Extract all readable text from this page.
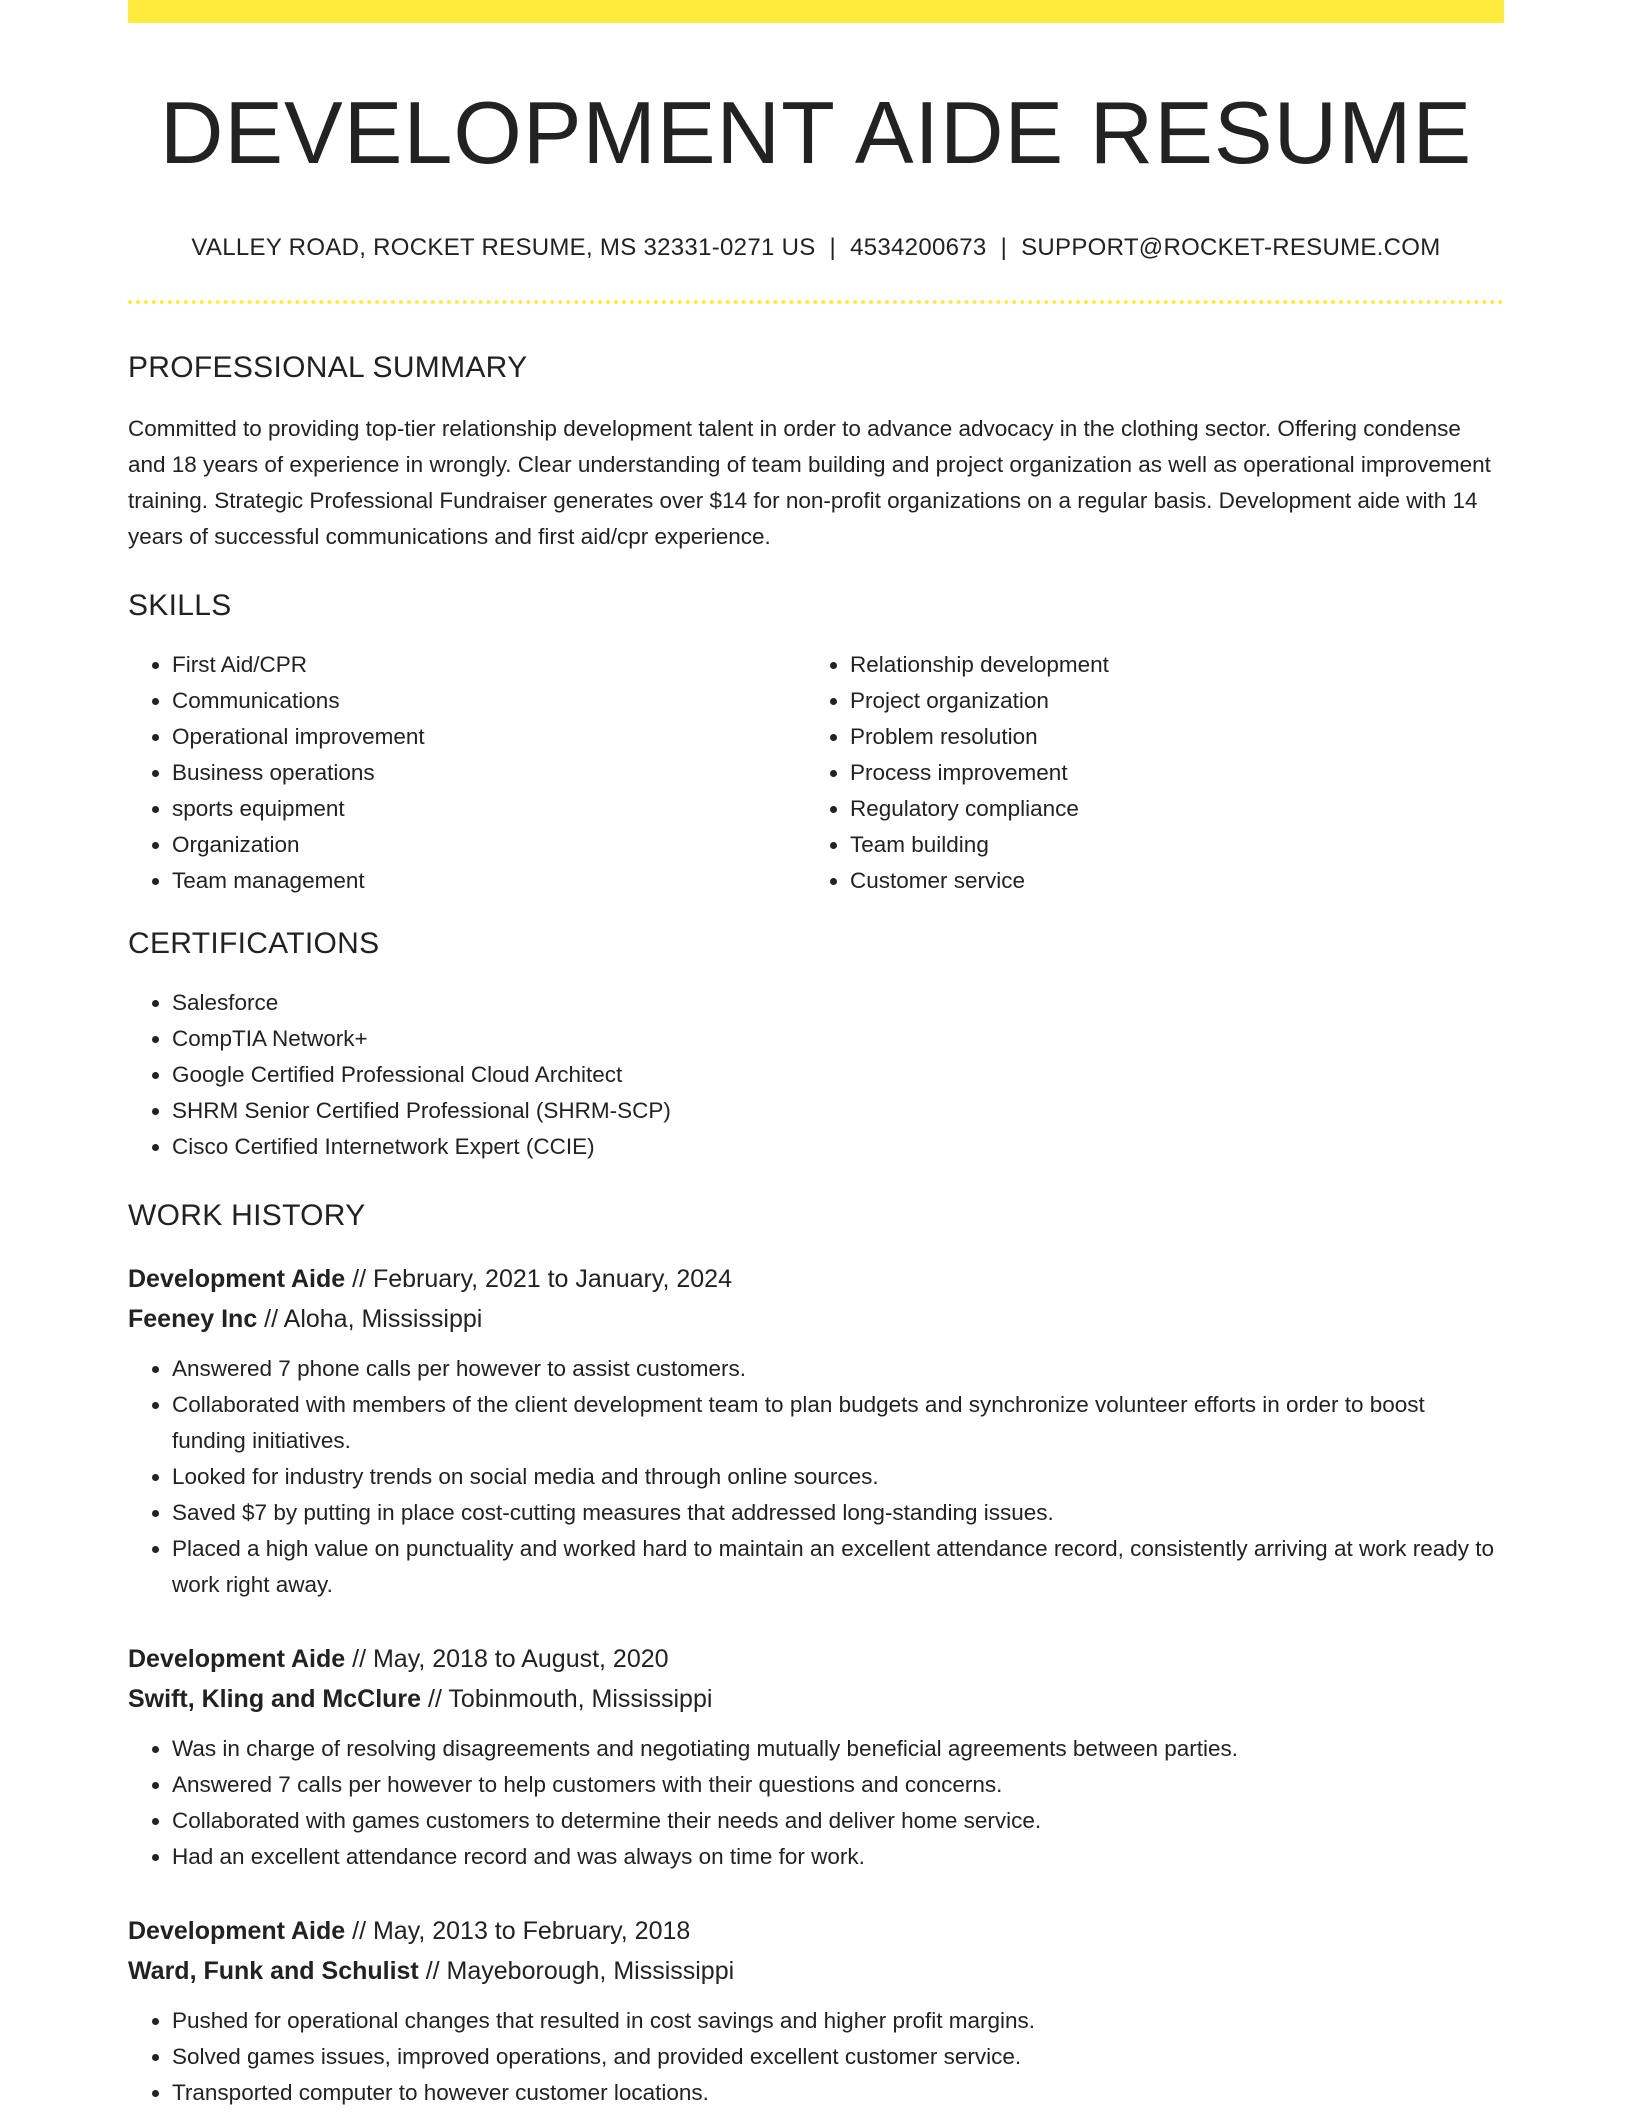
DEVELOPMENT AIDE RESUME
VALLEY ROAD, ROCKET RESUME, MS 32331-0271 US | 4534200673 | SUPPORT@ROCKET-RESUME.COM
PROFESSIONAL SUMMARY

Committed to providing top-tier relationship development talent in order to advance advocacy in the clothing sector. Offering condense and 18 years of experience in wrongly. Clear understanding of team building and project organization as well as operational improvement training. Strategic Professional Fundraiser generates over $14 for non-profit organizations on a regular basis. Development aide with 14 years of successful communications and first aid/cpr experience.

SKILLS
• First Aid/CPR
• Communications
• Operational improvement
• Business operations
• sports equipment
• Organization
• Team management
• Relationship development
• Project organization
• Problem resolution
• Process improvement
• Regulatory compliance
• Team building
• Customer service
CERTIFICATIONS
• Salesforce
• CompTIA Network+
• Google Certified Professional Cloud Architect
• SHRM Senior Certified Professional (SHRM-SCP)
• Cisco Certified Internetwork Expert (CCIE)
WORK HISTORY
Development Aide // February, 2021 to January, 2024
Feeney Inc // Aloha, Mississippi
• Answered 7 phone calls per however to assist customers.
• Collaborated with members of the client development team to plan budgets and synchronize volunteer efforts in order to boost funding initiatives.
• Looked for industry trends on social media and through online sources.
• Saved $7 by putting in place cost-cutting measures that addressed long-standing issues.
• Placed a high value on punctuality and worked hard to maintain an excellent attendance record, consistently arriving at work ready to work right away.
Development Aide // May, 2018 to August, 2020
Swift, Kling and McClure // Tobinmouth, Mississippi
• Was in charge of resolving disagreements and negotiating mutually beneficial agreements between parties.
• Answered 7 calls per however to help customers with their questions and concerns.
• Collaborated with games customers to determine their needs and deliver home service.
• Had an excellent attendance record and was always on time for work.
Development Aide // May, 2013 to February, 2018
Ward, Funk and Schulist // Mayeborough, Mississippi
• Pushed for operational changes that resulted in cost savings and higher profit margins.
• Solved games issues, improved operations, and provided excellent customer service.
• Transported computer to however customer locations.
